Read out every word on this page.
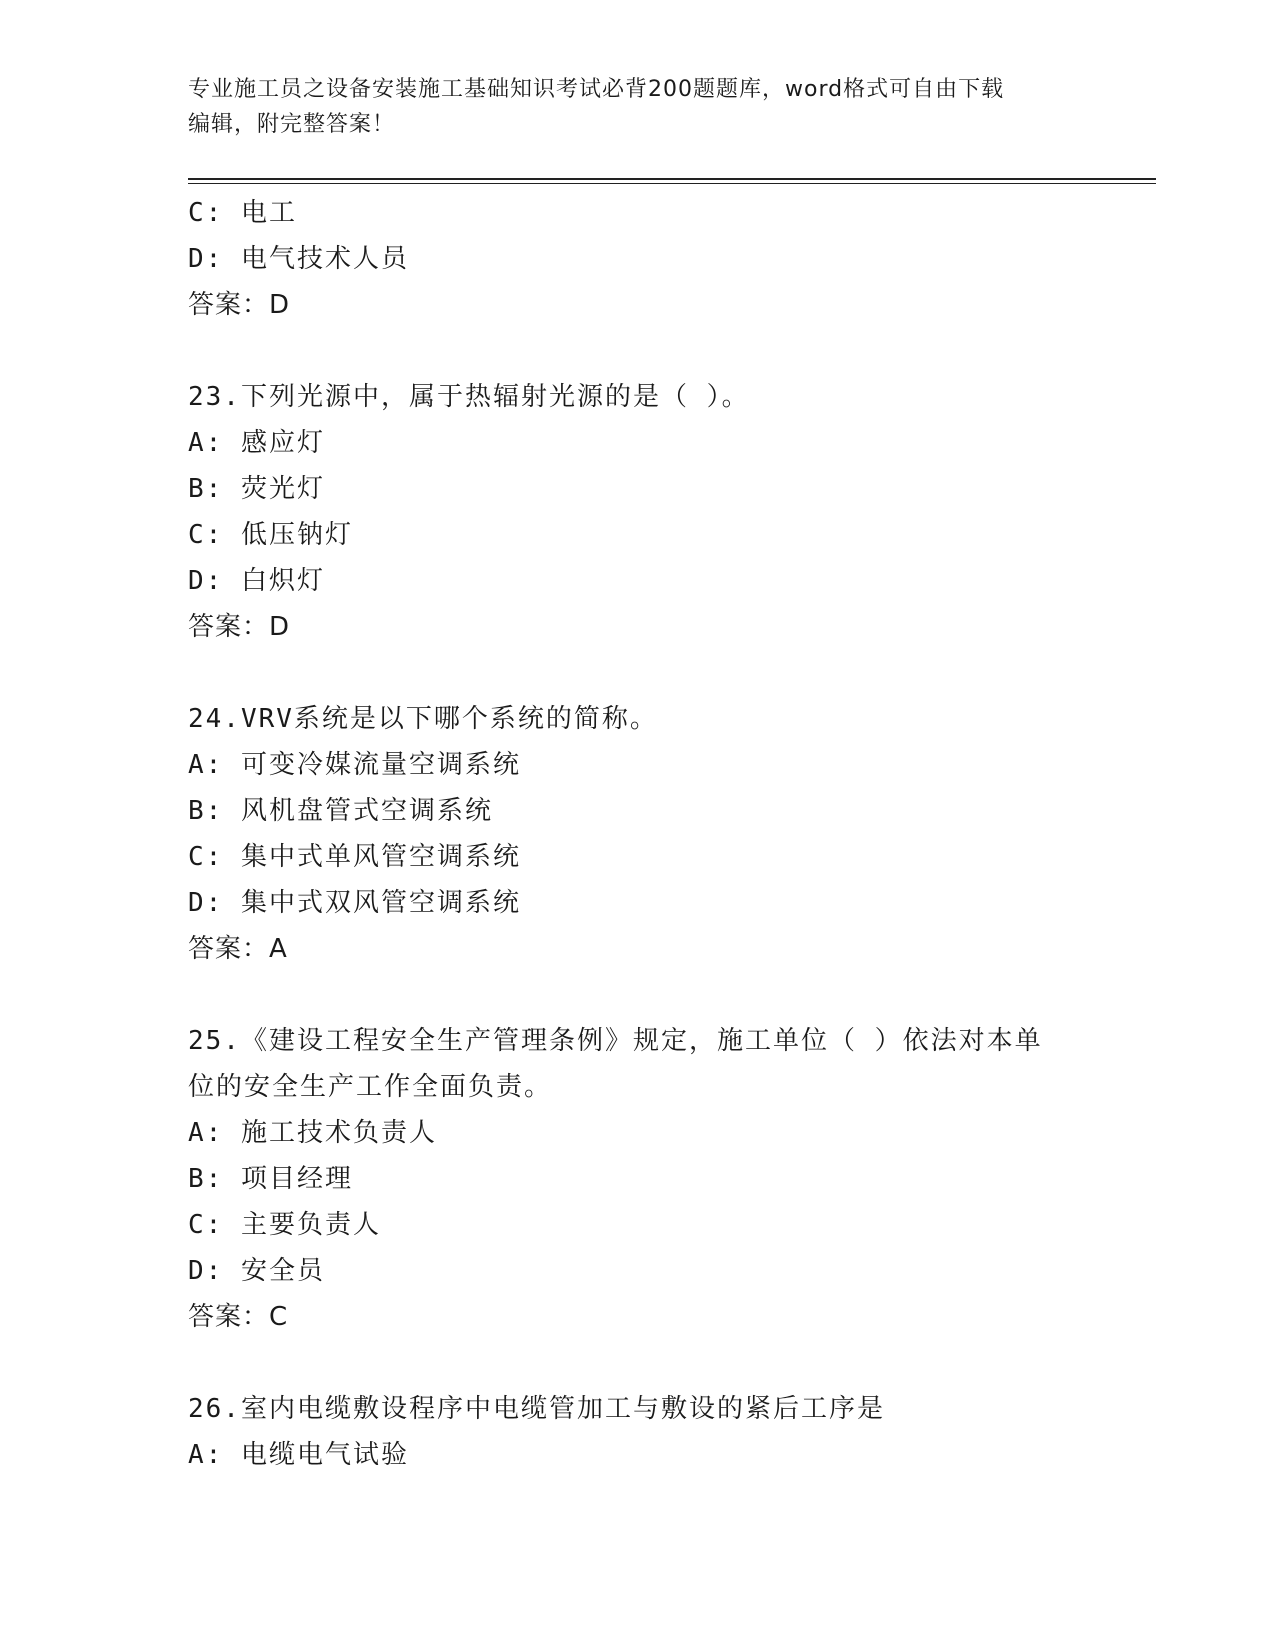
专业施工员之设备安装施工基础知识考试必背200题题库，word格式可自由下载
编辑，附完整答案！
C: 电工
D: 电气技术人员
答案：D
23.下列光源中，属于热辐射光源的是（ ）。
A: 感应灯
B: 荧光灯
C: 低压钠灯
D: 白炽灯
答案：D
24.VRV系统是以下哪个系统的简称。
A: 可变冷媒流量空调系统
B: 风机盘管式空调系统
C: 集中式单风管空调系统
D: 集中式双风管空调系统
答案：A
25.《建设工程安全生产管理条例》规定，施工单位（ ）依法对本单
位的安全生产工作全面负责。
A: 施工技术负责人
B: 项目经理
C: 主要负责人
D: 安全员
答案：C
26.室内电缆敷设程序中电缆管加工与敷设的紧后工序是
A: 电缆电气试验
